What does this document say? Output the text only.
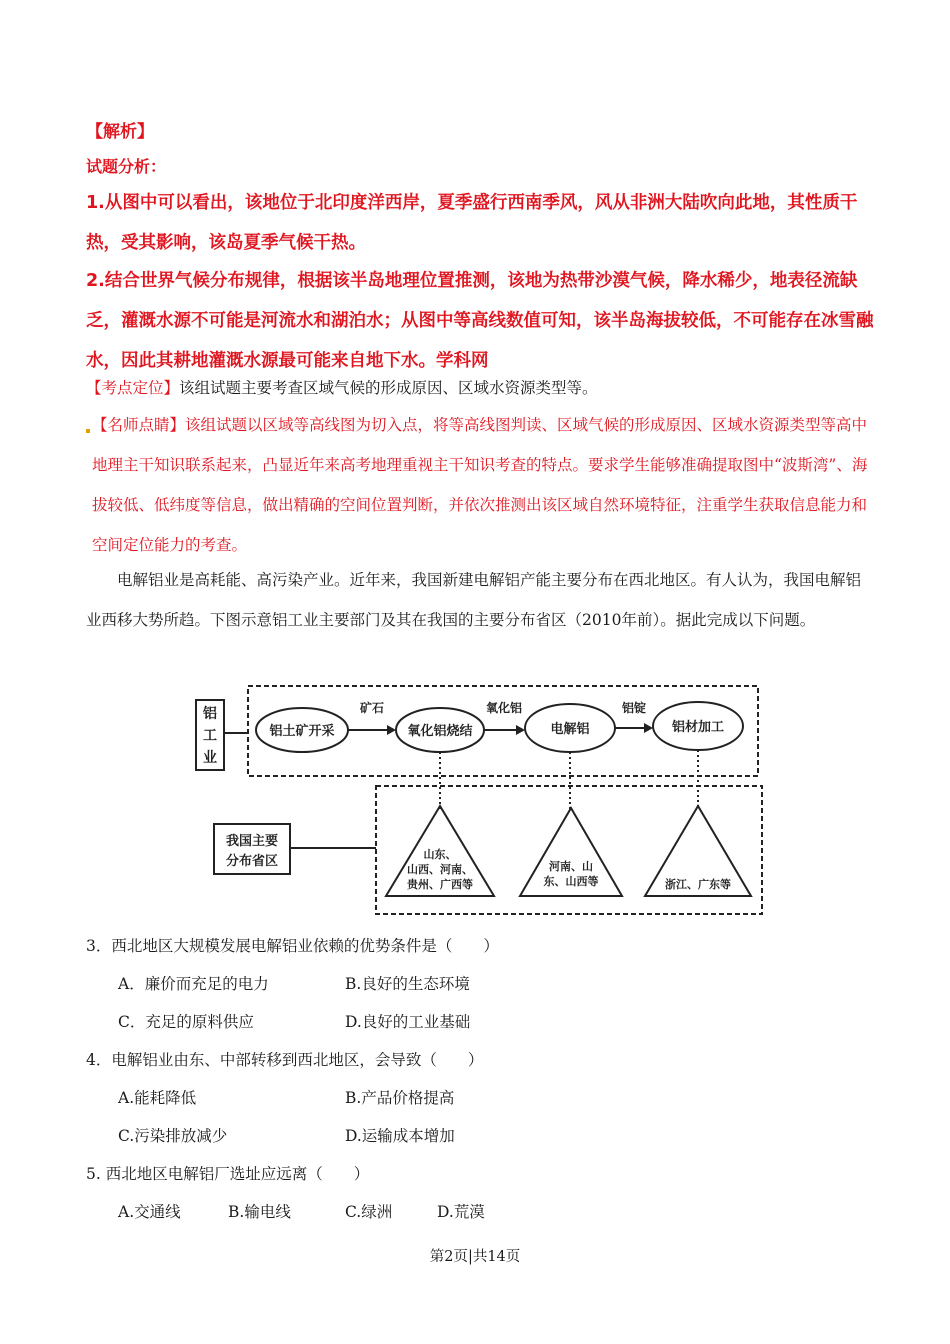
【解析】
试题分析：
1.从图中可以看出，该地位于北印度洋西岸，夏季盛行西南季风，风从非洲大陆吹向此地，其性质干热，受其影响，该岛夏季气候干热。
2.结合世界气候分布规律，根据该半岛地理位置推测，该地为热带沙漠气候，降水稀少，地表径流缺乏，灌溉水源不可能是河流水和湖泊水；从图中等高线数值可知，该半岛海拔较低，不可能存在冰雪融水，因此其耕地灌溉水源最可能来自地下水。学科网
【考点定位】该组试题主要考查区域气候的形成原因、区域水资源类型等。
【名师点睛】该组试题以区域等高线图为切入点，将等高线图判读、区域气候的形成原因、区域水资源类型等高中地理主干知识联系起来，凸显近年来高考地理重视主干知识考查的特点。要求学生能够准确提取图中“波斯湾”、海拔较低、低纬度等信息，做出精确的空间位置判断，并依次推测出该区域自然环境特征，注重学生获取信息能力和空间定位能力的考查。
电解铝业是高耗能、高污染产业。近年来，我国新建电解铝产能主要分布在西北地区。有人认为，我国电解铝业西移大势所趋。下图示意铝工业主要部门及其在我国的主要分布省区（2010年前）。据此完成以下问题。
铝
工
业
铝土矿开采	氧化铝烧结	电解铝	铝材加工
矿石	氧化铝	铝锭
我国主要
分布省区	山东、
山西、河南、
贵州、广西等
河南、山
东、山西等	浙江、广东等
3．西北地区大规模发展电解铝业依赖的优势条件是（　　）
A．廉价而充足的电力	B.良好的生态环境
C．充足的原料供应	D.良好的工业基础
4．电解铝业由东、中部转移到西北地区，会导致（　　）
A.能耗降低	B.产品价格提高
C.污染排放减少	D.运输成本增加
5. 西北地区电解铝厂选址应远离（　　）
A.交通线	B.输电线	C.绿洲	D.荒漠
第2页|共14页
